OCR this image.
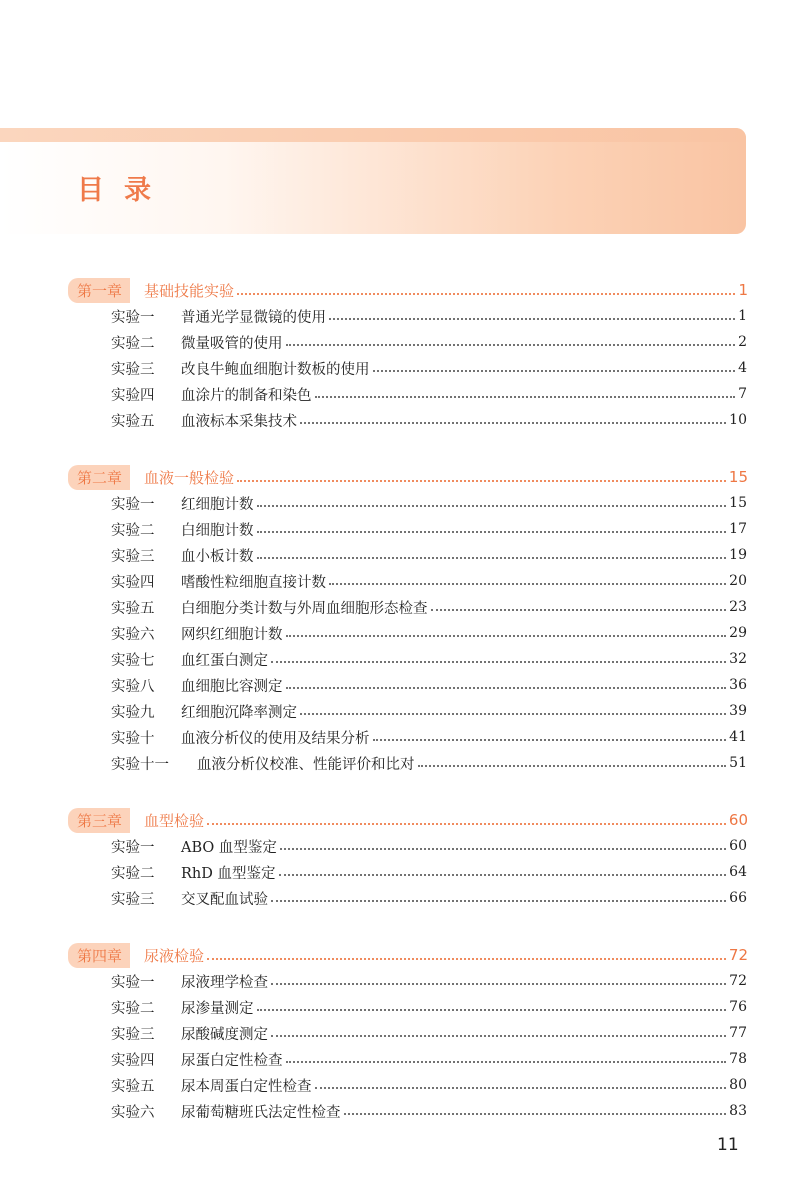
目录
第一章	基础技能实验	1
实验一	普通光学显微镜的使用	1
实验二	微量吸管的使用	2
实验三	改良牛鲍血细胞计数板的使用	4
实验四	血涂片的制备和染色	7
实验五	血液标本采集技术	10
第二章	血液一般检验	15
实验一	红细胞计数	15
实验二	白细胞计数	17
实验三	血小板计数	19
实验四	嗜酸性粒细胞直接计数	20
实验五	白细胞分类计数与外周血细胞形态检查	23
实验六	网织红细胞计数	29
实验七	血红蛋白测定	32
实验八	血细胞比容测定	36
实验九	红细胞沉降率测定	39
实验十	血液分析仪的使用及结果分析	41
实验十一	血液分析仪校准、性能评价和比对	51
第三章	血型检验	60
实验一	ABO 血型鉴定	60
实验二	RhD 血型鉴定	64
实验三	交叉配血试验	66
第四章	尿液检验	72
实验一	尿液理学检查	72
实验二	尿渗量测定	76
实验三	尿酸碱度测定	77
实验四	尿蛋白定性检查	78
实验五	尿本周蛋白定性检查	80
实验六	尿葡萄糖班氏法定性检查	83
11
